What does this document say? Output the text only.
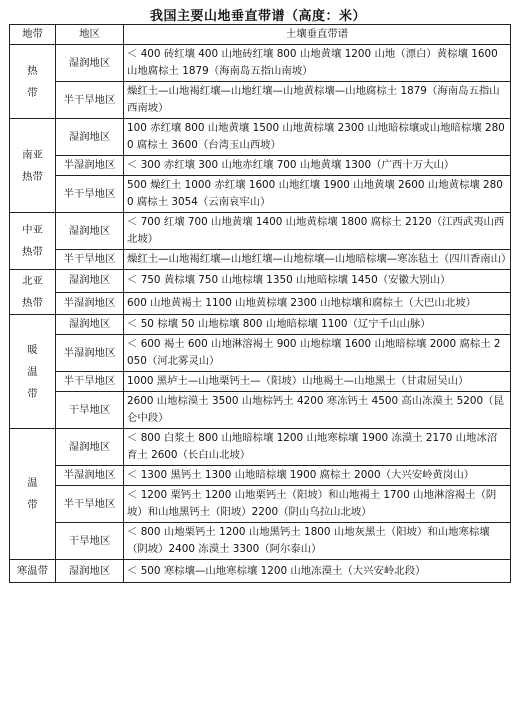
我国主要山地垂直带谱（高度：米）
地带	地区	土壤垂直带谱

热
带	湿润地区	＜ 400 砖红壤 400 山地砖红壤 800 山地黄壤 1200 山地（漂白）黄棕壤 1600 山地腐棕土 1879（海南岛五指山南坡）
	半干旱地区	燥红土—山地褐红壤—山地红壤—山地黄棕壤—山地腐棕土 1879（海南岛五指山西南坡）

南亚
热带	湿润地区	100 赤红壤 800 山地黄壤 1500 山地黄棕壤 2300 山地暗棕壤或山地暗棕壤 2800 腐棕土 3600（台湾玉山西坡）
	半湿润地区	＜ 300 赤红壤 300 山地赤红壤 700 山地黄壤 1300（广西十万大山）
	半干旱地区	500 燥红土 1000 赤红壤 1600 山地红壤 1900 山地黄壤 2600 山地黄棕壤 2800 腐棕土 3054（云南哀牢山）

中亚
热带	湿润地区	＜ 700 红壤 700 山地黄壤 1400 山地黄棕壤 1800 腐棕土 2120（江西武夷山西北坡）
	半干旱地区	燥红土—山地褐红壤—山地红壤—山地棕壤—山地暗棕壤—寒冻毡土（四川香南山）

北亚
热带	湿润地区	＜ 750 黄棕壤 750 山地棕壤 1350 山地暗棕壤 1450（安徽大别山）
	半湿润地区	600 山地黄褐土 1100 山地黄棕壤 2300 山地棕壤和腐棕土（大巴山北坡）

暖
温
带	湿润地区	＜ 50 棕壤 50 山地棕壤 800 山地暗棕壤 1100（辽宁千山山脉）
	半湿润地区	＜ 600 褐土 600 山地淋溶褐土 900 山地棕壤 1600 山地暗棕壤 2000 腐棕土 2050（河北雾灵山）
	半干旱地区	1000 黑垆土—山地栗钙土—（阳坡）山地褐土—山地黑土（甘肃屈吴山）
	干旱地区	2600 山地棕漠土 3500 山地棕钙土 4200 寒冻钙土 4500 高山冻漠土 5200（昆仑中段）

温
带	湿润地区	＜ 800 白浆土 800 山地暗棕壤 1200 山地寒棕壤 1900 冻漠土 2170 山地冰沼育土 2600（长白山北坡）
	半湿润地区	＜ 1300 黑钙土 1300 山地暗棕壤 1900 腐棕土 2000（大兴安岭黄岗山）
	半干旱地区	＜ 1200 栗钙土 1200 山地栗钙土（阳坡）和山地褐土 1700 山地淋溶褐土（阴坡）和山地黑钙土（阳坡）2200（阴山乌拉山北坡）
	干旱地区	＜ 800 山地栗钙土 1200 山地黑钙土 1800 山地灰黑土（阳坡）和山地寒棕壤（阴坡）2400 冻漠土 3300（阿尔泰山）

寒温带	湿润地区	＜ 500 寒棕壤—山地寒棕壤 1200 山地冻漠土（大兴安岭北段）
